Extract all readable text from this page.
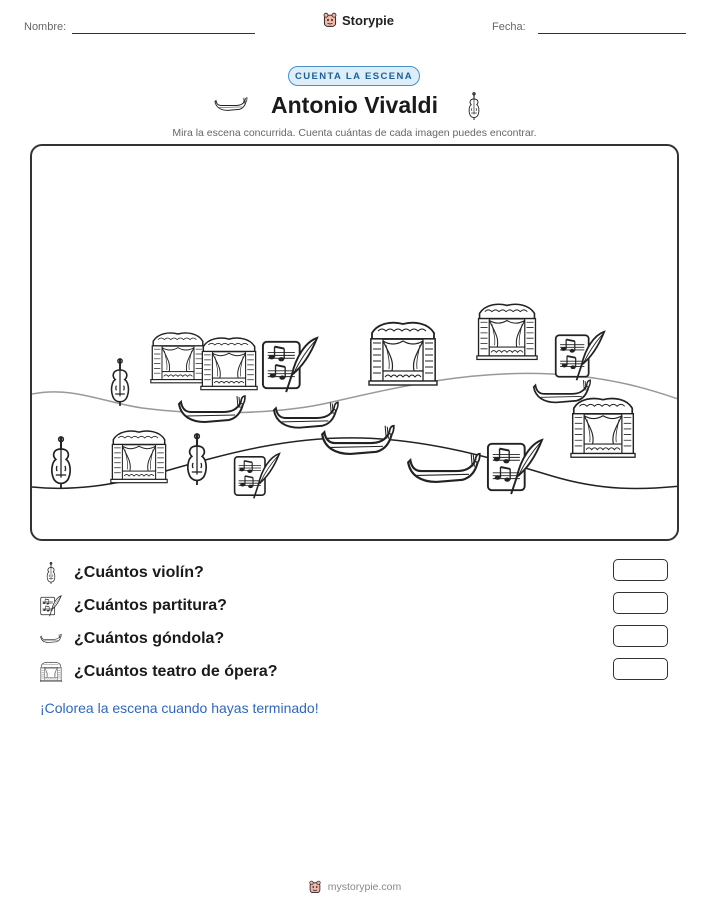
Nombre:	Storypie	Fecha:
CUENTA LA ESCENA
Antonio Vivaldi
Mira la escena concurrida. Cuenta cuántas de cada imagen puedes encontrar.
¿Cuántos violín?
¿Cuántos partitura?
¿Cuántos góndola?
¿Cuántos teatro de ópera?
¡Colorea la escena cuando hayas terminado!
mystorypie.com
